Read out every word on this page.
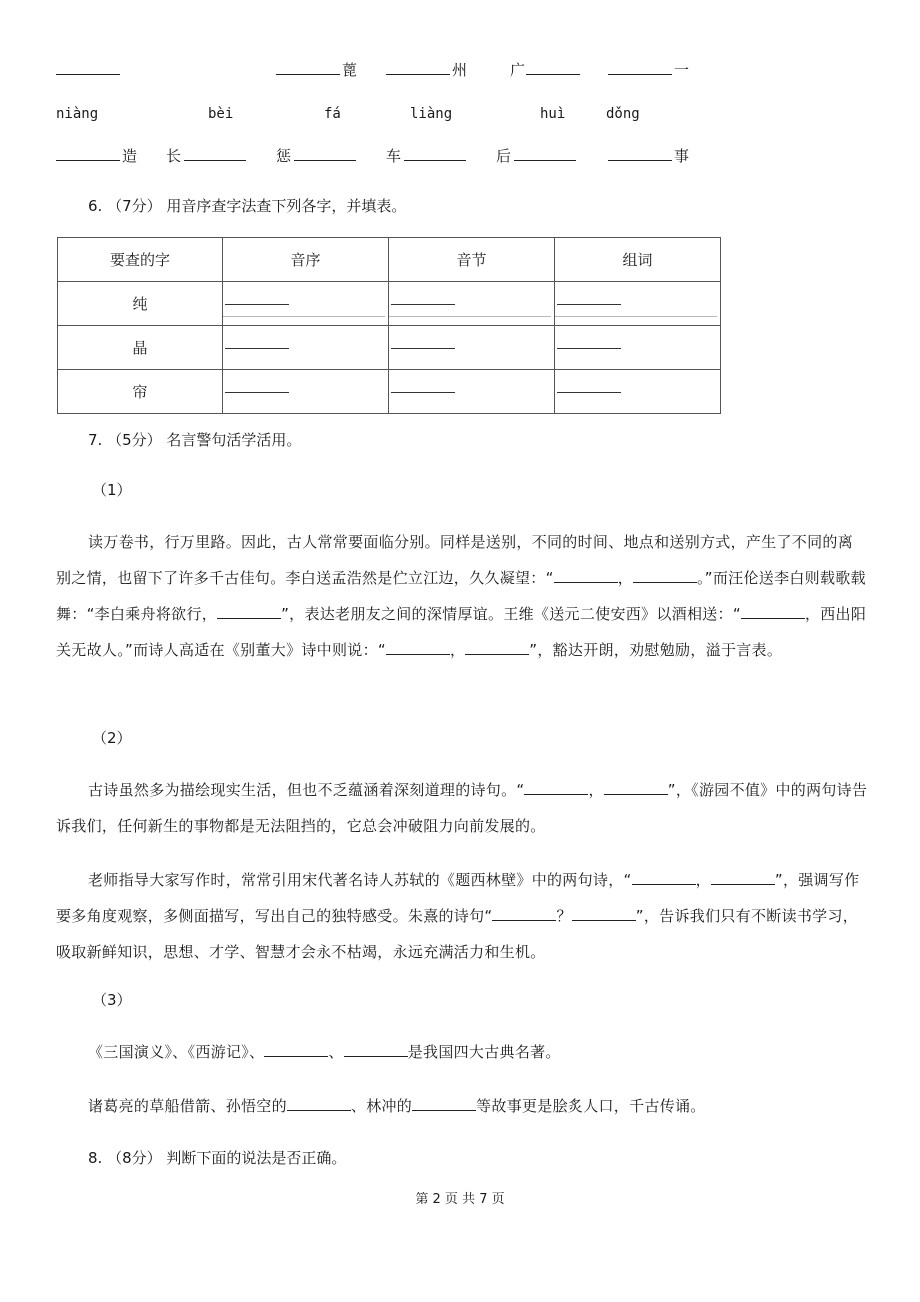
蓖	州	广	一
niàng	bèi	fá	liàng	huì	dǒng
造 长	惩	车	后	事
6. （7分） 用音序查字法查下列各字，并填表。
要查的字	音序	音节	组词
纯	

晶	

帘	

7. （5分） 名言警句活学活用。
（1）
读万卷书，行万里路。因此，古人常常要面临分别。同样是送别，不同的时间、地点和送别方式，产生了不同的离别之情，也留下了许多千古佳句。李白送孟浩然是伫立江边，久久凝望：“	，	。”而汪伦送李白则载歌载舞：“李白乘舟将欲行，	”，表达老朋友之间的深情厚谊。王维《送元二使安西》以酒相送：“	，西出阳关无故人。”而诗人高适在《别董大》诗中则说：“	，	”，豁达开朗，劝慰勉励，溢于言表。
（2）
古诗虽然多为描绘现实生活，但也不乏蕴涵着深刻道理的诗句。“	，	”，《游园不值》中的两句诗告诉我们，任何新生的事物都是无法阻挡的，它总会冲破阻力向前发展的。
老师指导大家写作时，常常引用宋代著名诗人苏轼的《题西林壁》中的两句诗，“	，	”，强调写作要多角度观察，多侧面描写，写出自己的独特感受。朱熹的诗句“	？	”，告诉我们只有不断读书学习，吸取新鲜知识，思想、才学、智慧才会永不枯竭，永远充满活力和生机。
（3）
《三国演义》、《西游记》、	、	是我国四大古典名著。
诸葛亮的草船借箭、孙悟空的	、林冲的	等故事更是脍炙人口，千古传诵。
8. （8分） 判断下面的说法是否正确。
第 2 页 共 7 页
